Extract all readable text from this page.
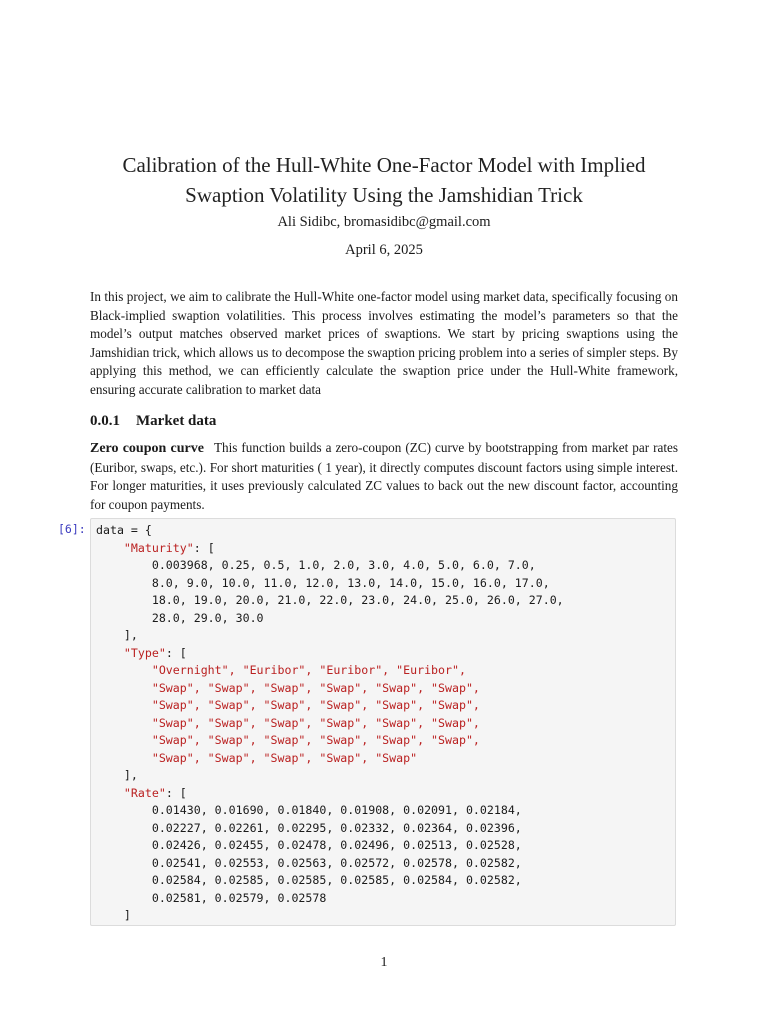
Calibration of the Hull-White One-Factor Model with Implied
Swaption Volatility Using the Jamshidian Trick
Ali Sidibc, bromasidibc@gmail.com
April 6, 2025
In this project, we aim to calibrate the Hull-White one-factor model using market data, specifically focusing on Black-implied swaption volatilities. This process involves estimating the model’s parameters so that the model’s output matches observed market prices of swaptions. We start by pricing swaptions using the Jamshidian trick, which allows us to decompose the swaption pricing problem into a series of simpler steps. By applying this method, we can efficiently calculate the swaption price under the Hull-White framework, ensuring accurate calibration to market data
0.0.1 Market data
Zero coupon curve This function builds a zero-coupon (ZC) curve by bootstrapping from market par rates (Euribor, swaps, etc.). For short maturities ( 1 year), it directly computes discount factors using simple interest. For longer maturities, it uses previously calculated ZC values to back out the new discount factor, accounting for coupon payments.
[6]: data = {
"Maturity": [
0.003968, 0.25, 0.5, 1.0, 2.0, 3.0, 4.0, 5.0, 6.0, 7.0,
8.0, 9.0, 10.0, 11.0, 12.0, 13.0, 14.0, 15.0, 16.0, 17.0,
18.0, 19.0, 20.0, 21.0, 22.0, 23.0, 24.0, 25.0, 26.0, 27.0,
28.0, 29.0, 30.0
],
"Type": [
"Overnight", "Euribor", "Euribor", "Euribor",
"Swap", "Swap", "Swap", "Swap", "Swap", "Swap",
"Swap", "Swap", "Swap", "Swap", "Swap", "Swap",
"Swap", "Swap", "Swap", "Swap", "Swap", "Swap",
"Swap", "Swap", "Swap", "Swap", "Swap", "Swap",
"Swap", "Swap", "Swap", "Swap", "Swap"
],
"Rate": [
0.01430, 0.01690, 0.01840, 0.01908, 0.02091, 0.02184,
0.02227, 0.02261, 0.02295, 0.02332, 0.02364, 0.02396,
0.02426, 0.02455, 0.02478, 0.02496, 0.02513, 0.02528,
0.02541, 0.02553, 0.02563, 0.02572, 0.02578, 0.02582,
0.02584, 0.02585, 0.02585, 0.02585, 0.02584, 0.02582,
0.02581, 0.02579, 0.02578
]
1
